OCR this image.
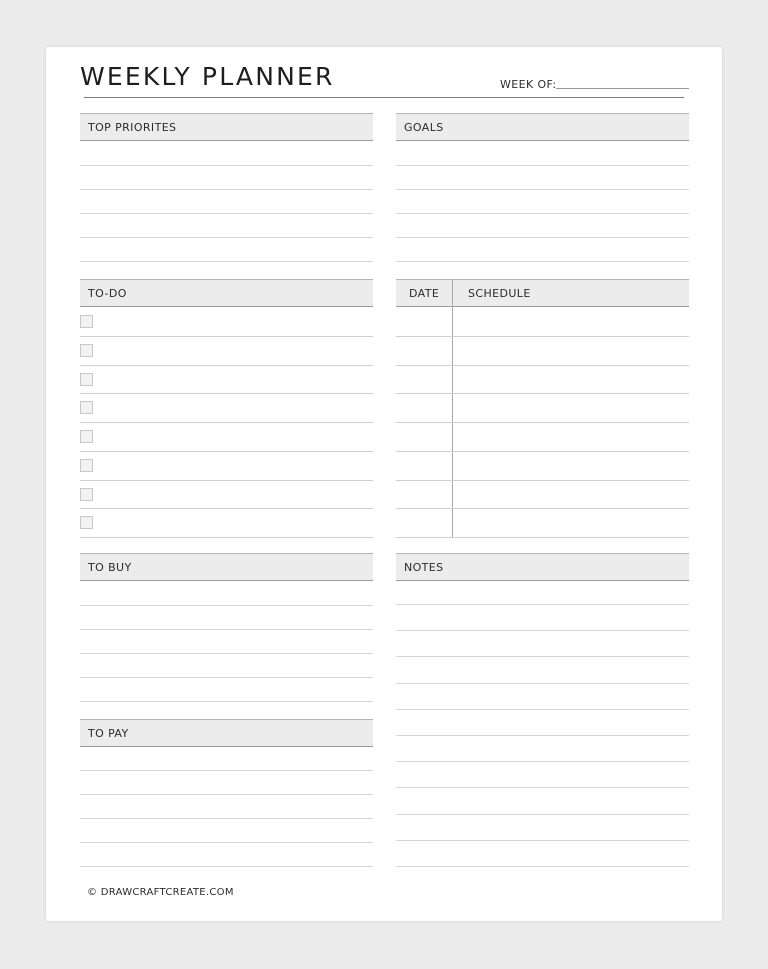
WEEKLY PLANNER	WEEK OF:
TOP PRIORITES	GOALS
TO-DO	DATE	SCHEDULE
TO BUY	NOTES
TO PAY
© DRAWCRAFTCREATE.COM
